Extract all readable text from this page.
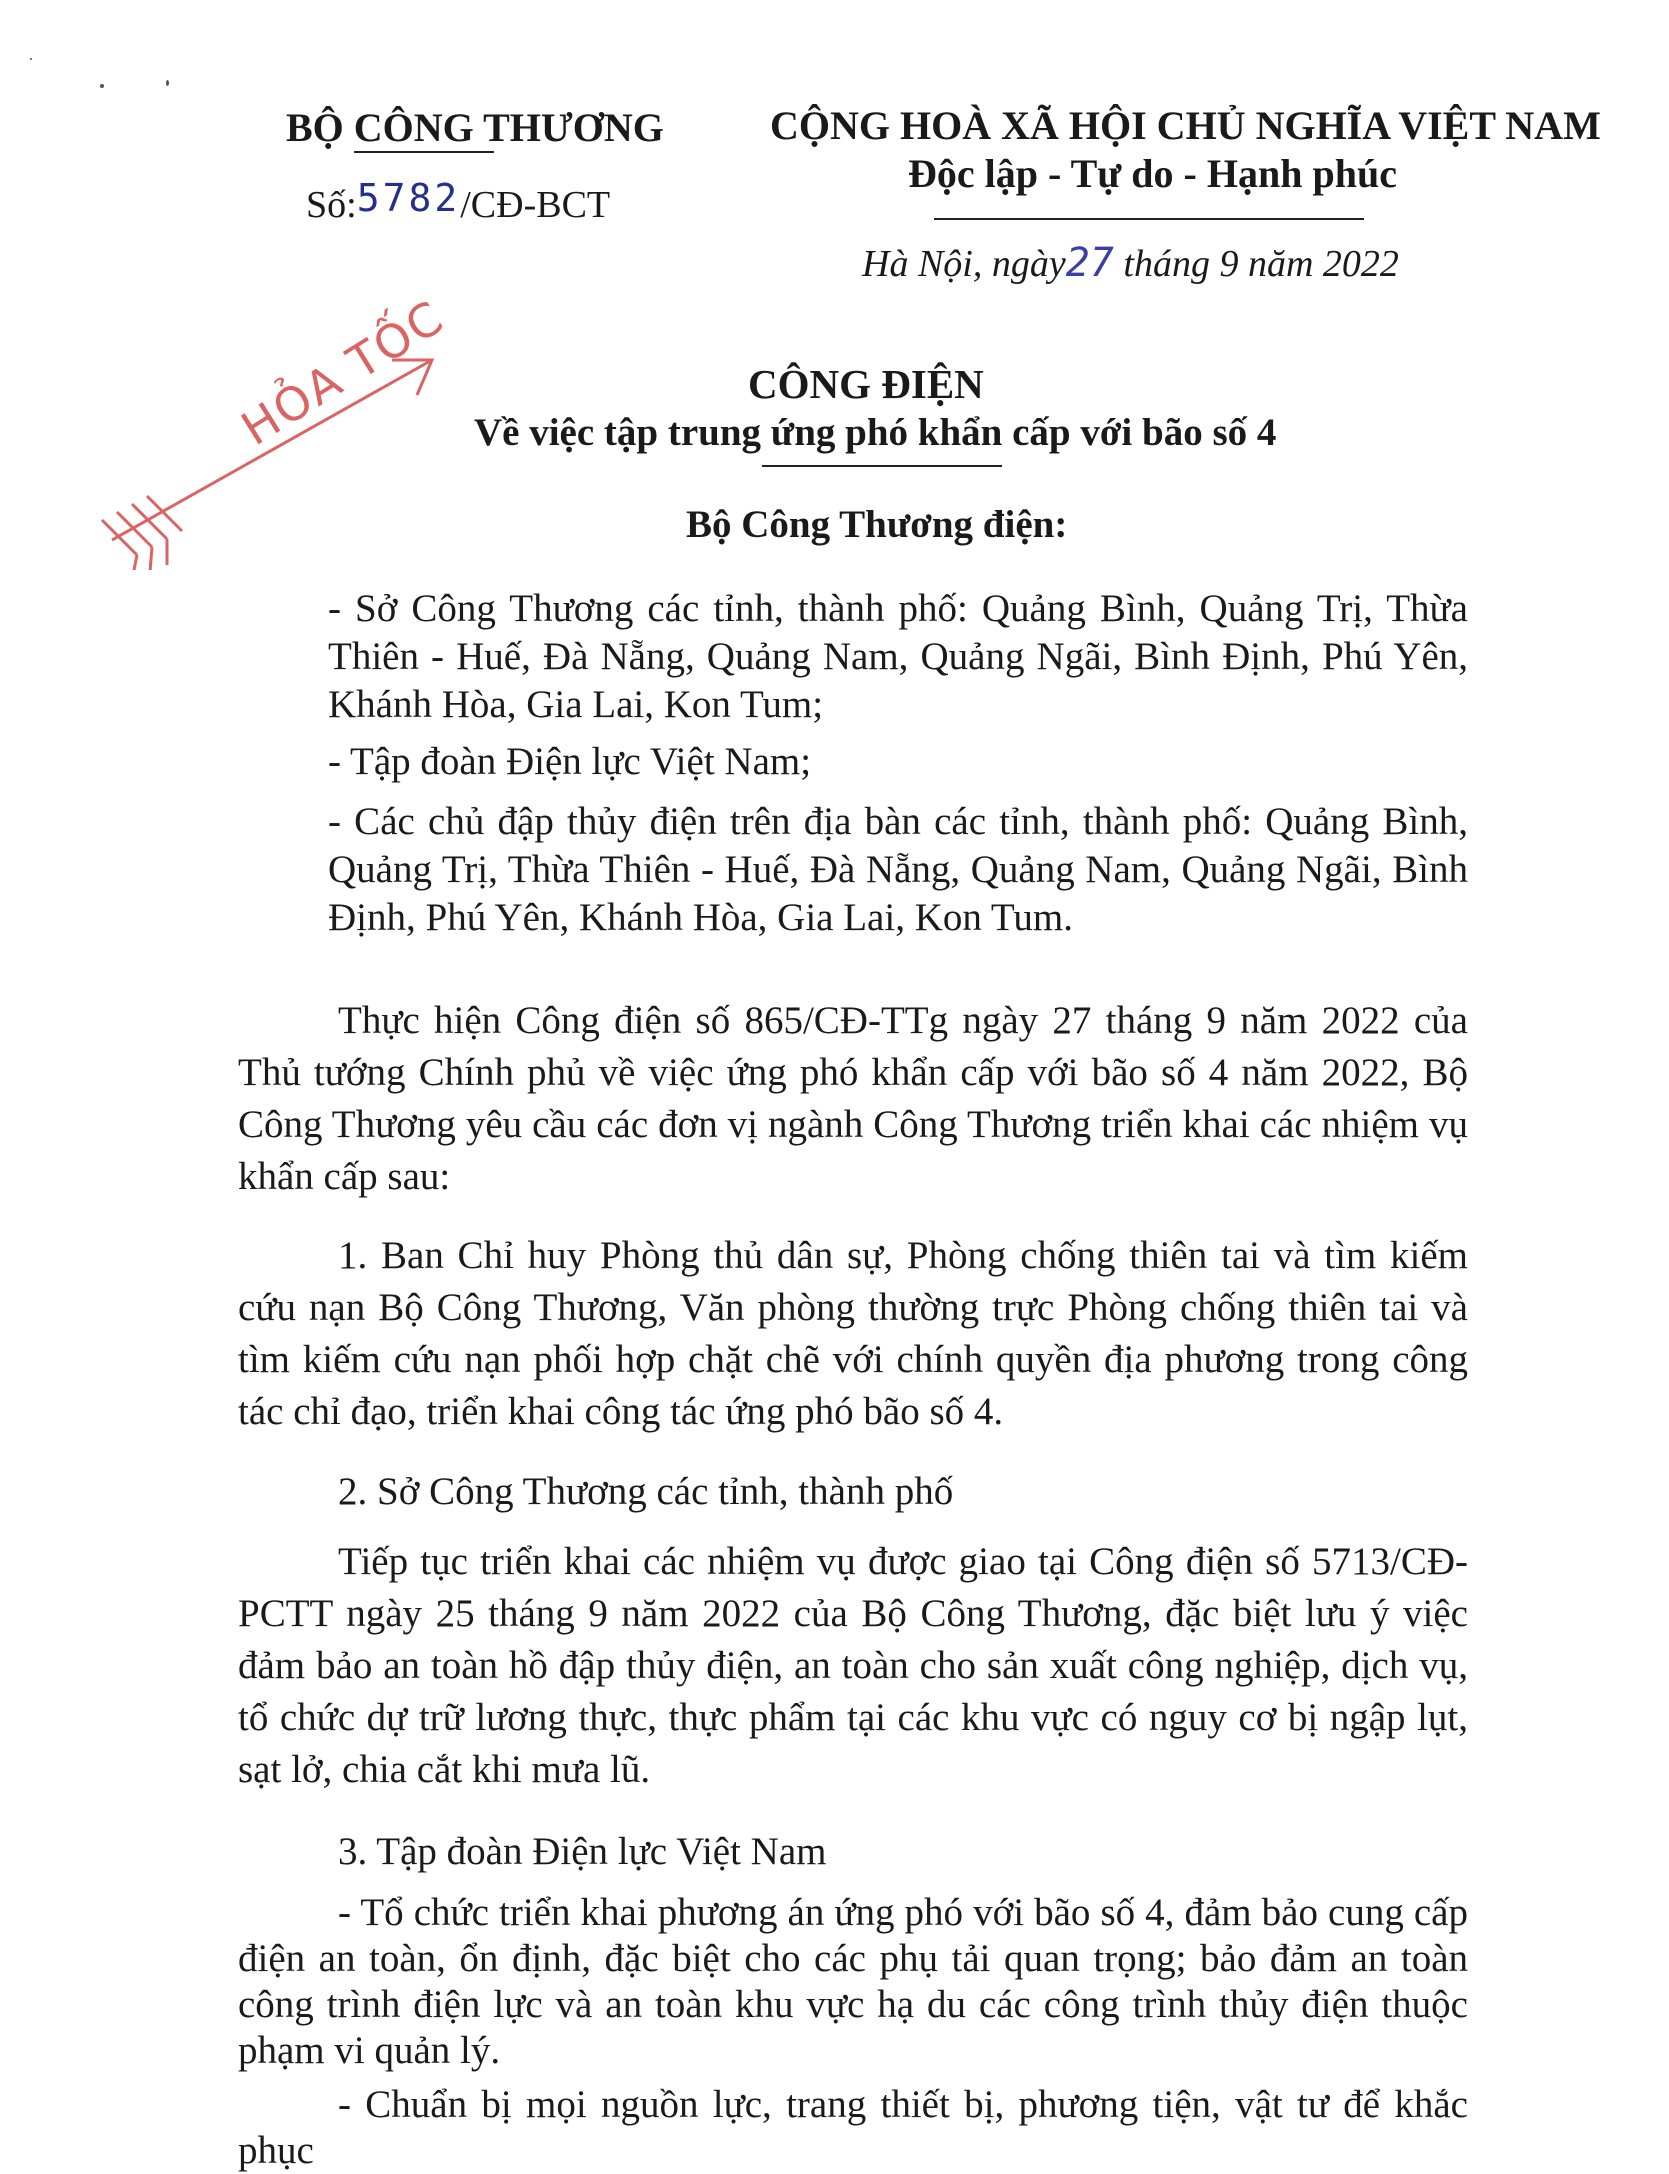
BỘ CÔNG THƯƠNG
Số:5782/CĐ-BCT
CỘNG HOÀ XÃ HỘI CHỦ NGHĨA VIỆT NAM
Độc lập - Tự do - Hạnh phúc
Hà Nội, ngày27 tháng 9 năm 2022
HỎA TỐC	CÔNG ĐIỆN
Về việc tập trung ứng phó khẩn cấp với bão số 4
Bộ Công Thương điện:
- Sở Công Thương các tỉnh, thành phố: Quảng Bình, Quảng Trị, Thừa Thiên - Huế, Đà Nẵng, Quảng Nam, Quảng Ngãi, Bình Định, Phú Yên, Khánh Hòa, Gia Lai, Kon Tum;
- Tập đoàn Điện lực Việt Nam;
- Các chủ đập thủy điện trên địa bàn các tỉnh, thành phố: Quảng Bình, Quảng Trị, Thừa Thiên - Huế, Đà Nẵng, Quảng Nam, Quảng Ngãi, Bình Định, Phú Yên, Khánh Hòa, Gia Lai, Kon Tum.
Thực hiện Công điện số 865/CĐ-TTg ngày 27 tháng 9 năm 2022 của Thủ tướng Chính phủ về việc ứng phó khẩn cấp với bão số 4 năm 2022, Bộ Công Thương yêu cầu các đơn vị ngành Công Thương triển khai các nhiệm vụ khẩn cấp sau:
1. Ban Chỉ huy Phòng thủ dân sự, Phòng chống thiên tai và tìm kiếm cứu nạn Bộ Công Thương, Văn phòng thường trực Phòng chống thiên tai và tìm kiếm cứu nạn phối hợp chặt chẽ với chính quyền địa phương trong công tác chỉ đạo, triển khai công tác ứng phó bão số 4.
2. Sở Công Thương các tỉnh, thành phố
Tiếp tục triển khai các nhiệm vụ được giao tại Công điện số 5713/CĐ-PCTT ngày 25 tháng 9 năm 2022 của Bộ Công Thương, đặc biệt lưu ý việc đảm bảo an toàn hồ đập thủy điện, an toàn cho sản xuất công nghiệp, dịch vụ, tổ chức dự trữ lương thực, thực phẩm tại các khu vực có nguy cơ bị ngập lụt, sạt lở, chia cắt khi mưa lũ.
3. Tập đoàn Điện lực Việt Nam
- Tổ chức triển khai phương án ứng phó với bão số 4, đảm bảo cung cấp điện an toàn, ổn định, đặc biệt cho các phụ tải quan trọng; bảo đảm an toàn công trình điện lực và an toàn khu vực hạ du các công trình thủy điện thuộc phạm vi quản lý.
- Chuẩn bị mọi nguồn lực, trang thiết bị, phương tiện, vật tư để khắc phục
